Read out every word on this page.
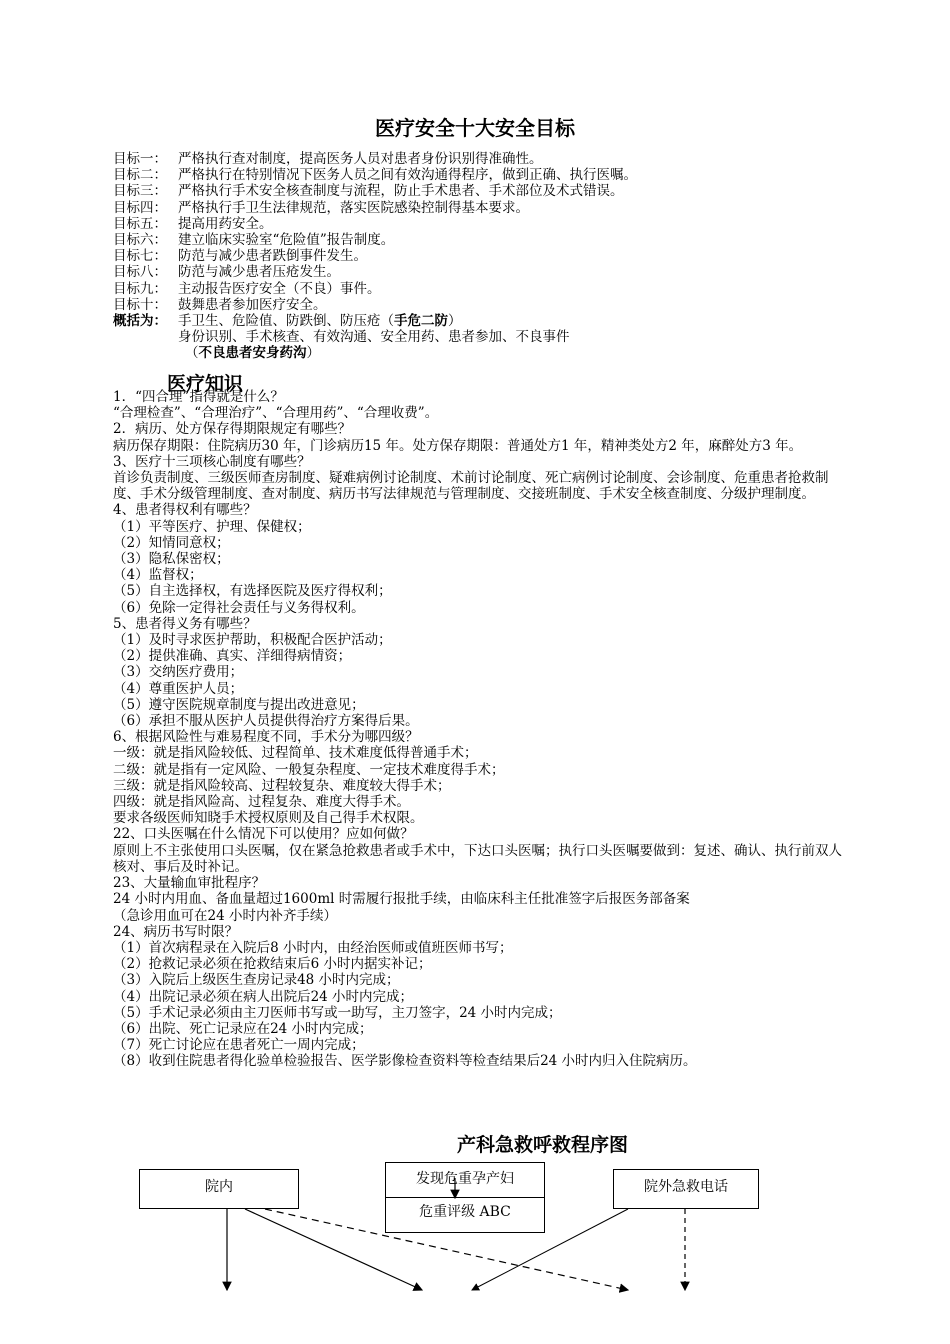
医疗安全十大安全目标
目标一： 严格执行查对制度，提高医务人员对患者身份识别得准确性。
目标二： 严格执行在特别情况下医务人员之间有效沟通得程序，做到正确、执行医嘱。
目标三： 严格执行手术安全核查制度与流程，防止手术患者、手术部位及术式错误。
目标四： 严格执行手卫生法律规范，落实医院感染控制得基本要求。
目标五： 提高用药安全。
目标六： 建立临床实验室“危险值”报告制度。
目标七： 防范与减少患者跌倒事件发生。
目标八： 防范与减少患者压疮发生。
目标九： 主动报告医疗安全（不良）事件。
目标十： 鼓舞患者参加医疗安全。
概括为： 手卫生、危险值、防跌倒、防压疮（手危二防）
身份识别、手术核查、有效沟通、安全用药、患者参加、不良事件
（不良患者安身药沟）
医疗知识
1．“四合理”指得就是什么？
“合理检查”、“合理治疗”、“合理用药”、“合理收费”。
2．病历、处方保存得期限规定有哪些？
病历保存期限：住院病历30 年，门诊病历15 年。处方保存期限：普通处方1 年，精神类处方2 年，麻醉处方3 年。
3、医疗十三项核心制度有哪些？
首诊负责制度、三级医师查房制度、疑难病例讨论制度、术前讨论制度、死亡病例讨论制度、会诊制度、危重患者抢救制度、手术分级管理制度、查对制度、病历书写法律规范与管理制度、交接班制度、手术安全核查制度、分级护理制度。
4、患者得权利有哪些？
（1）平等医疗、护理、保健权；
（2）知情同意权；
（3）隐私保密权；
（4）监督权；
（5）自主选择权，有选择医院及医疗得权利；
（6）免除一定得社会责任与义务得权利。
5、患者得义务有哪些？
（1）及时寻求医护帮助，积极配合医护活动；
（2）提供准确、真实、洋细得病情资；
（3）交纳医疗费用；
（4）尊重医护人员；
（5）遵守医院规章制度与提出改进意见；
（6）承担不服从医护人员提供得治疗方案得后果。
6、根据风险性与难易程度不同，手术分为哪四级？
一级：就是指风险较低、过程简单、技术难度低得普通手术；
二级：就是指有一定风险、一般复杂程度、一定技术难度得手术；
三级：就是指风险较高、过程较复杂、难度较大得手术；
四级：就是指风险高、过程复杂、难度大得手术。
要求各级医师知晓手术授权原则及自己得手术权限。
22、口头医嘱在什么情况下可以使用？应如何做？
原则上不主张使用口头医嘱，仅在紧急抢救患者或手术中，下达口头医嘱；执行口头医嘱要做到：复述、确认、执行前双人核对、事后及时补记。
23、大量输血审批程序？
24 小时内用血、备血量超过1600ml 时需履行报批手续，由临床科主任批准签字后报医务部备案
（急诊用血可在24 小时内补齐手续）
24、病历书写时限？
（1）首次病程录在入院后8 小时内，由经治医师或值班医师书写；
（2）抢救记录必须在抢救结束后6 小时内据实补记；
（3）入院后上级医生查房记录48 小时内完成；
（4）出院记录必须在病人出院后24 小时内完成；
（5）手术记录必须由主刀医师书写或一助写，主刀签字，24 小时内完成；
（6）出院、死亡记录应在24 小时内完成；
（7）死亡讨论应在患者死亡一周内完成；
（8）收到住院患者得化验单检验报告、医学影像检查资料等检查结果后24 小时内归入住院病历。
产科急救呼救程序图
院内	发现危重孕产妇
危重评级 ABC
院外急救电话
